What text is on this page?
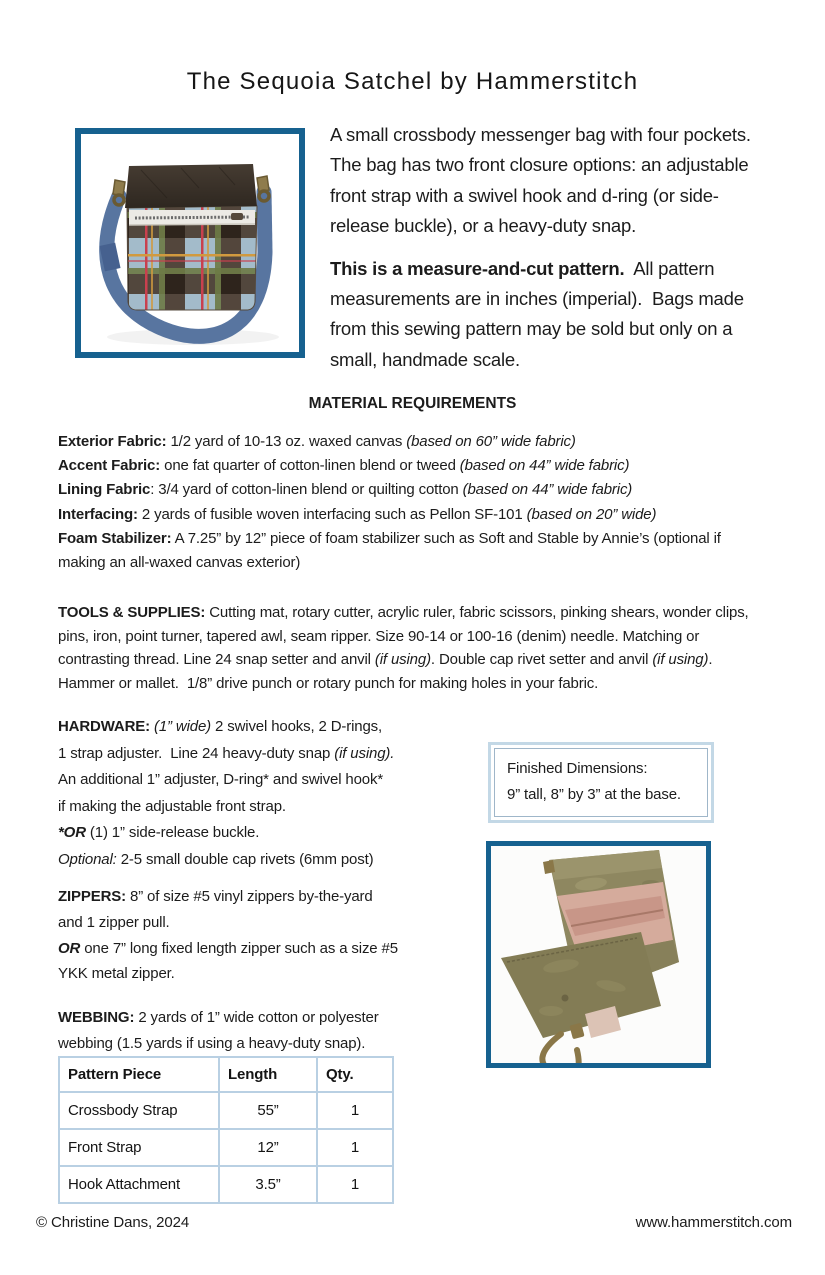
The Sequoia Satchel by Hammerstitch
A small crossbody messenger bag with four pockets.
The bag has two front closure options: an adjustable
front strap with a swivel hook and d-ring (or side-
release buckle), or a heavy-duty snap.
This is a measure-and-cut pattern.  All pattern
measurements are in inches (imperial).  Bags made
from this sewing pattern may be sold but only on a
small, handmade scale.
MATERIAL REQUIREMENTS
Exterior Fabric: 1/2 yard of 10-13 oz. waxed canvas (based on 60” wide fabric)
Accent Fabric: one fat quarter of cotton-linen blend or tweed (based on 44” wide fabric)
Lining Fabric: 3/4 yard of cotton-linen blend or quilting cotton (based on 44” wide fabric)
Interfacing: 2 yards of fusible woven interfacing such as Pellon SF-101 (based on 20” wide)
Foam Stabilizer: A 7.25” by 12” piece of foam stabilizer such as Soft and Stable by Annie’s (optional if
making an all-waxed canvas exterior)
TOOLS & SUPPLIES: Cutting mat, rotary cutter, acrylic ruler, fabric scissors, pinking shears, wonder clips,
pins, iron, point turner, tapered awl, seam ripper. Size 90-14 or 100-16 (denim) needle. Matching or
contrasting thread. Line 24 snap setter and anvil (if using). Double cap rivet setter and anvil (if using).
Hammer or mallet.  1/8” drive punch or rotary punch for making holes in your fabric.
HARDWARE: (1” wide) 2 swivel hooks, 2 D-rings,
1 strap adjuster.  Line 24 heavy-duty snap (if using).
An additional 1” adjuster, D-ring* and swivel hook*
if making the adjustable front strap.
*OR (1) 1” side-release buckle.
Optional: 2-5 small double cap rivets (6mm post)
ZIPPERS: 8” of size #5 vinyl zippers by-the-yard
and 1 zipper pull.
OR one 7” long fixed length zipper such as a size #5
YKK metal zipper.
WEBBING: 2 yards of 1” wide cotton or polyester
webbing (1.5 yards if using a heavy-duty snap).
Finished Dimensions:
9” tall, 8” by 3” at the base.
Pattern Piece	Length	Qty.
Crossbody Strap	55”	1
Front Strap	12”	1
Hook Attachment	3.5”	1
© Christine Dans, 2024	www.hammerstitch.com
